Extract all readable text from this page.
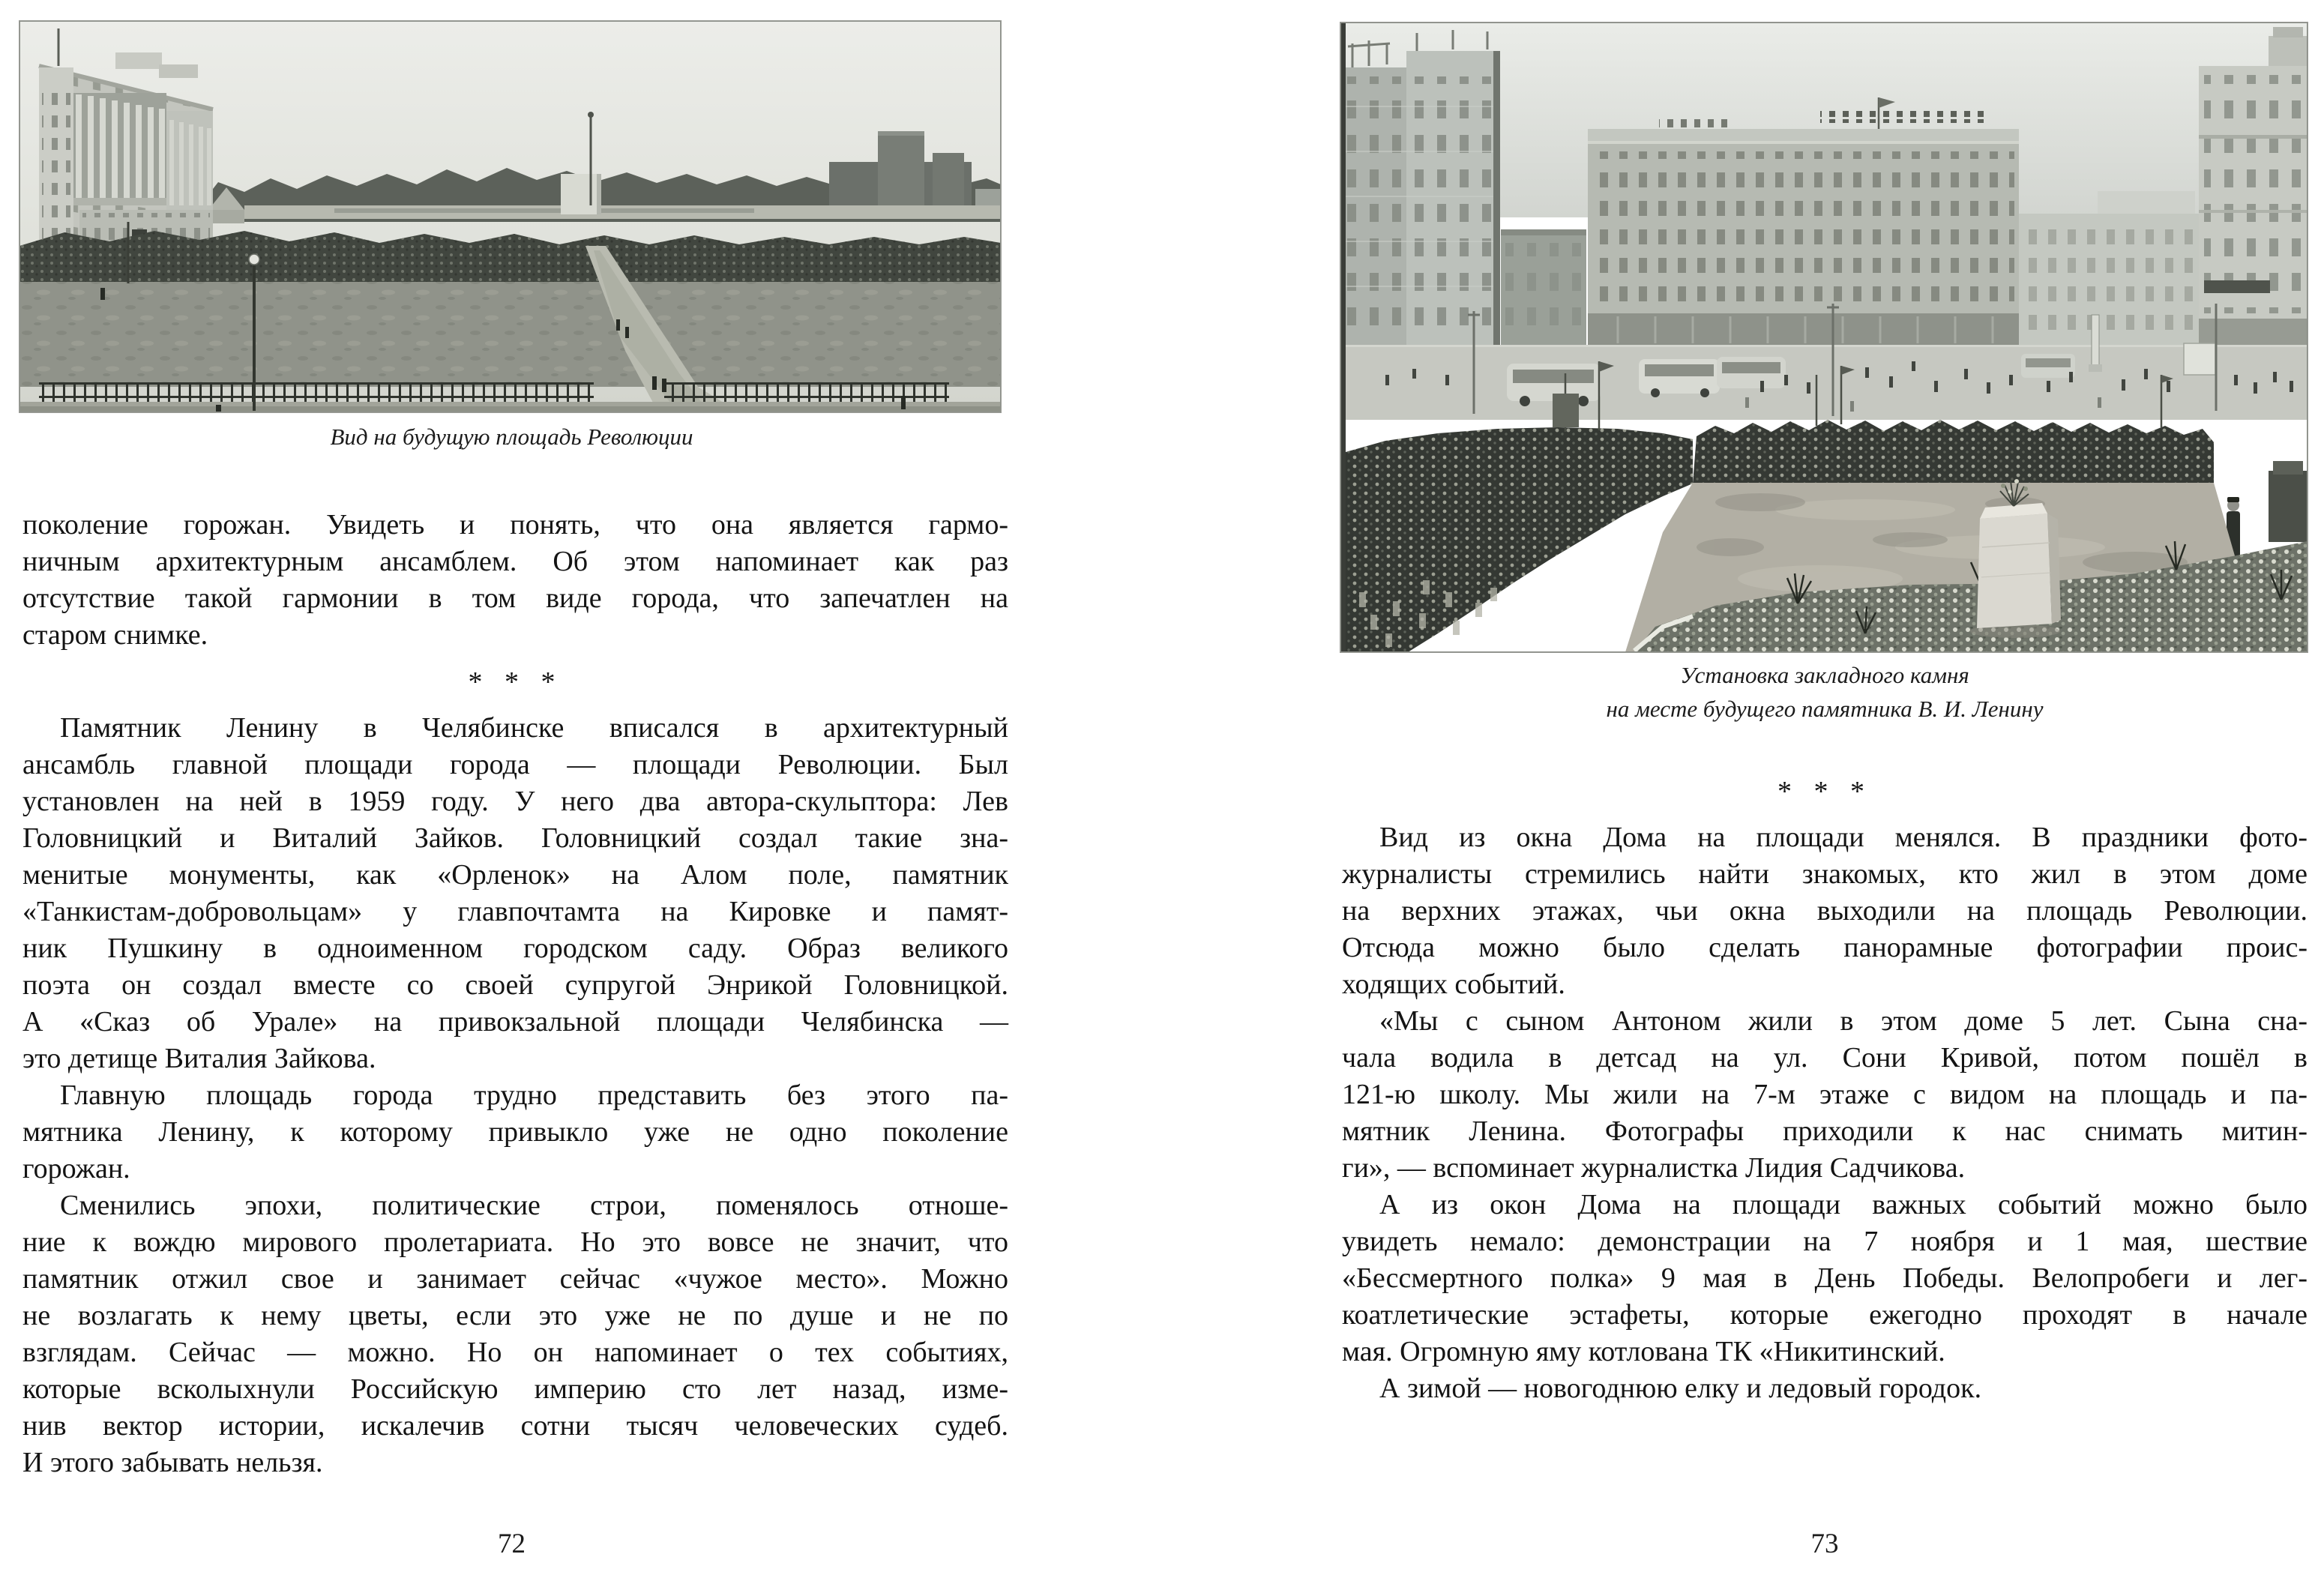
Вид на будущую площадь Революции
поколение горожан. Увидеть и понять, что она является гармо-
ничным архитектурным ансамблем. Об этом напоминает как раз
отсутствие такой гармонии в том виде города, что запечатлен на
старом снимке.
* * *
Памятник Ленину в Челябинске вписался в архитектурный
ансамбль главной площади города — площади Революции. Был
установлен на ней в 1959 году. У него два автора-скульптора: Лев
Головницкий и Виталий Зайков. Головницкий создал такие зна-
менитые монументы, как «Орленок» на Алом поле, памятник
«Танкистам-добровольцам» у главпочтамта на Кировке и памят-
ник Пушкину в одноименном городском саду. Образ великого
поэта он создал вместе со своей супругой Энрикой Головницкой.
А «Сказ об Урале» на привокзальной площади Челябинска —
это детище Виталия Зайкова.
Главную площадь города трудно представить без этого па-
мятника Ленину, к которому привыкло уже не одно поколение
горожан.
Сменились эпохи, политические строи, поменялось отноше-
ние к вождю мирового пролетариата. Но это вовсе не значит, что
памятник отжил свое и занимает сейчас «чужое место». Можно
не возлагать к нему цветы, если это уже не по душе и не по
взглядам. Сейчас — можно. Но он напоминает о тех событиях,
которые всколыхнули Российскую империю сто лет назад, изме-
нив вектор истории, искалечив сотни тысяч человеческих судеб.
И этого забывать нельзя.
72
Установка закладного камня
на месте будущего памятника В. И. Ленину
* * *
Вид из окна Дома на площади менялся. В праздники фото-
журналисты стремились найти знакомых, кто жил в этом доме
на верхних этажах, чьи окна выходили на площадь Революции.
Отсюда можно было сделать панорамные фотографии проис-
ходящих событий.
«Мы с сыном Антоном жили в этом доме 5 лет. Сына сна-
чала водила в детсад на ул. Сони Кривой, потом пошёл в
121-ю школу. Мы жили на 7-м этаже с видом на площадь и па-
мятник Ленина. Фотографы приходили к нас снимать митин-
ги», — вспоминает журналистка Лидия Садчикова.
А из окон Дома на площади важных событий можно было
увидеть немало: демонстрации на 7 ноября и 1 мая, шествие
«Бессмертного полка» 9 мая в День Победы. Велопробеги и лег-
коатлетические эстафеты, которые ежегодно проходят в начале
мая. Огромную яму котлована ТК «Никитинский.
А зимой — новогоднюю елку и ледовый городок.
73
